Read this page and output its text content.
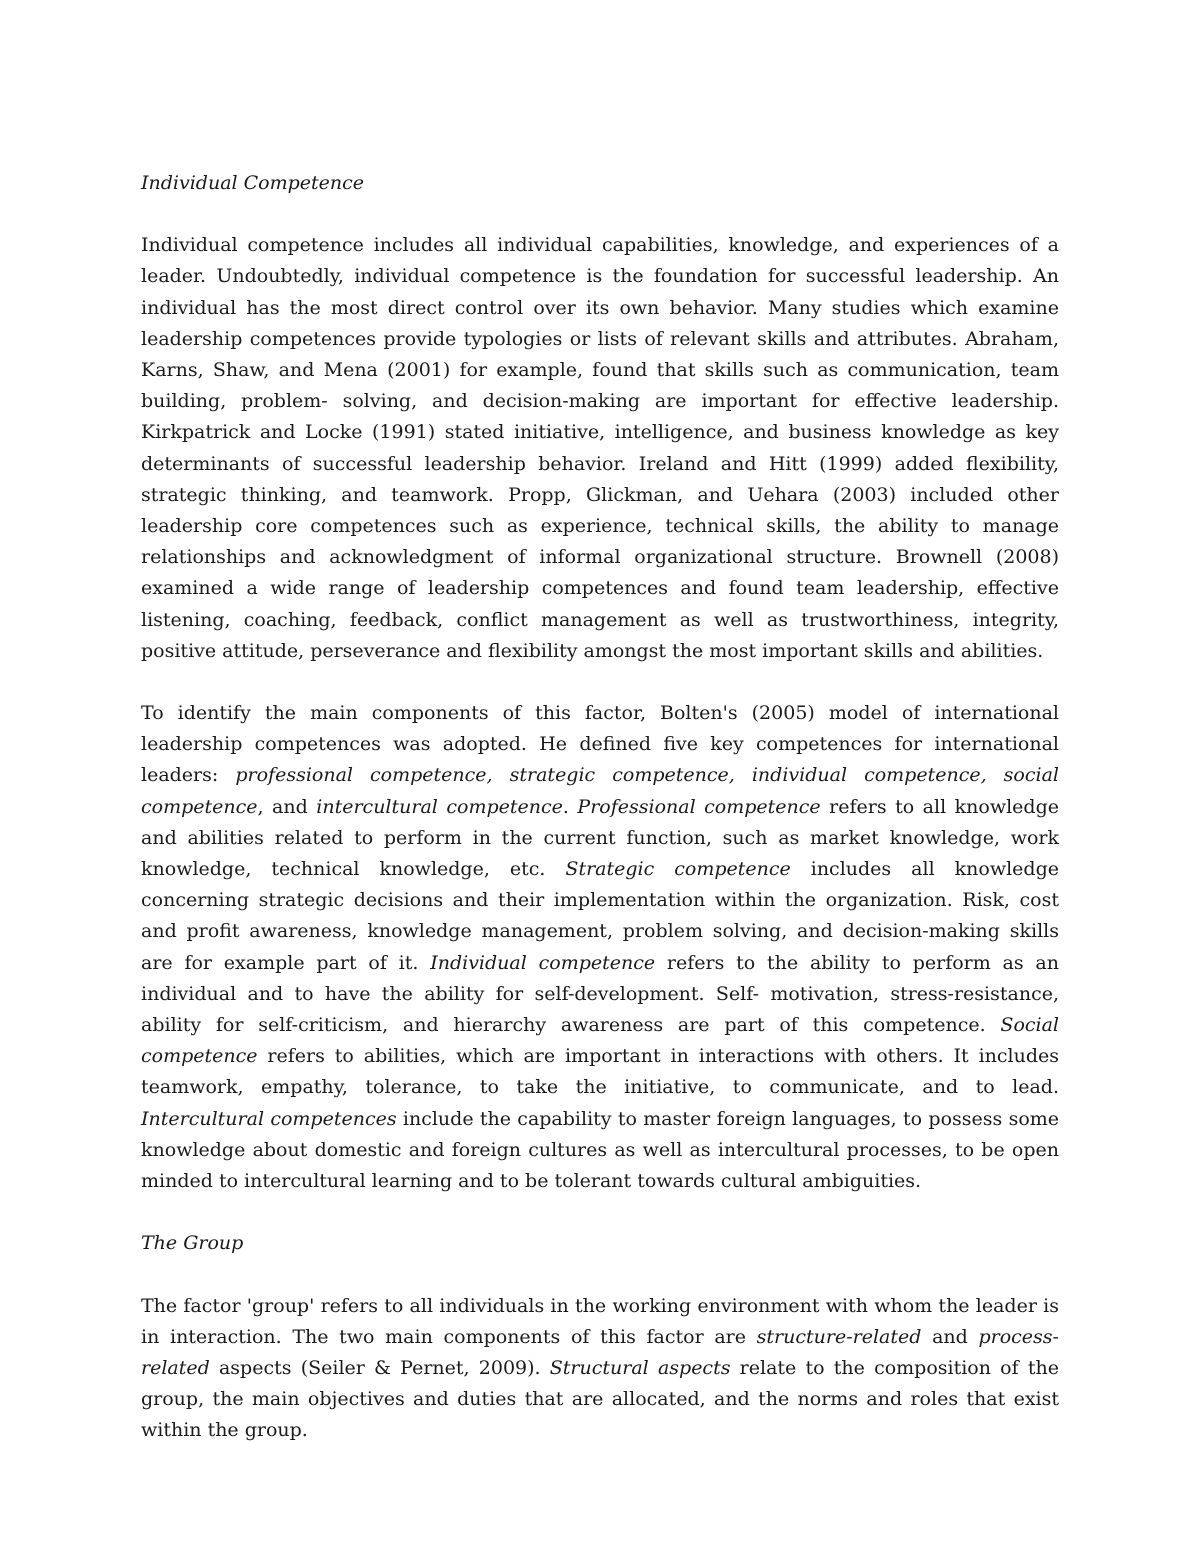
Individual Competence

Individual competence includes all individual capabilities, knowledge, and experiences of a leader. Undoubtedly, individual competence is the foundation for successful leadership. An individual has the most direct control over its own behavior. Many studies which examine leadership competences provide typologies or lists of relevant skills and attributes. Abraham, Karns, Shaw, and Mena (2001) for example, found that skills such as communication, team building, problem- solving, and decision-making are important for effective leadership. Kirkpatrick and Locke (1991) stated initiative, intelligence, and business knowledge as key determinants of successful leadership behavior. Ireland and Hitt (1999) added flexibility, strategic thinking, and teamwork. Propp, Glickman, and Uehara (2003) included other leadership core competences such as experience, technical skills, the ability to manage relationships and acknowledgment of informal organizational structure. Brownell (2008) examined a wide range of leadership competences and found team leadership, effective listening, coaching, feedback, conflict management as well as trustworthiness, integrity, positive attitude, perseverance and flexibility amongst the most important skills and abilities.

To identify the main components of this factor, Bolten's (2005) model of international leadership competences was adopted. He defined five key competences for international leaders: professional competence, strategic competence, individual competence, social competence, and intercultural competence. Professional competence refers to all knowledge and abilities related to perform in the current function, such as market knowledge, work knowledge, technical knowledge, etc. Strategic competence includes all knowledge concerning strategic decisions and their implementation within the organization. Risk, cost and profit awareness, knowledge management, problem solving, and decision-making skills are for example part of it. Individual competence refers to the ability to perform as an individual and to have the ability for self-development. Self- motivation, stress-resistance, ability for self-criticism, and hierarchy awareness are part of this competence. Social competence refers to abilities, which are important in interactions with others. It includes teamwork, empathy, tolerance, to take the initiative, to communicate, and to lead. Intercultural competences include the capability to master foreign languages, to possess some knowledge about domestic and foreign cultures as well as intercultural processes, to be open minded to intercultural learning and to be tolerant towards cultural ambiguities.

The Group

The factor 'group' refers to all individuals in the working environment with whom the leader is in interaction. The two main components of this factor are structure-related and process-related aspects (Seiler & Pernet, 2009). Structural aspects relate to the composition of the group, the main objectives and duties that are allocated, and the norms and roles that exist within the group.
